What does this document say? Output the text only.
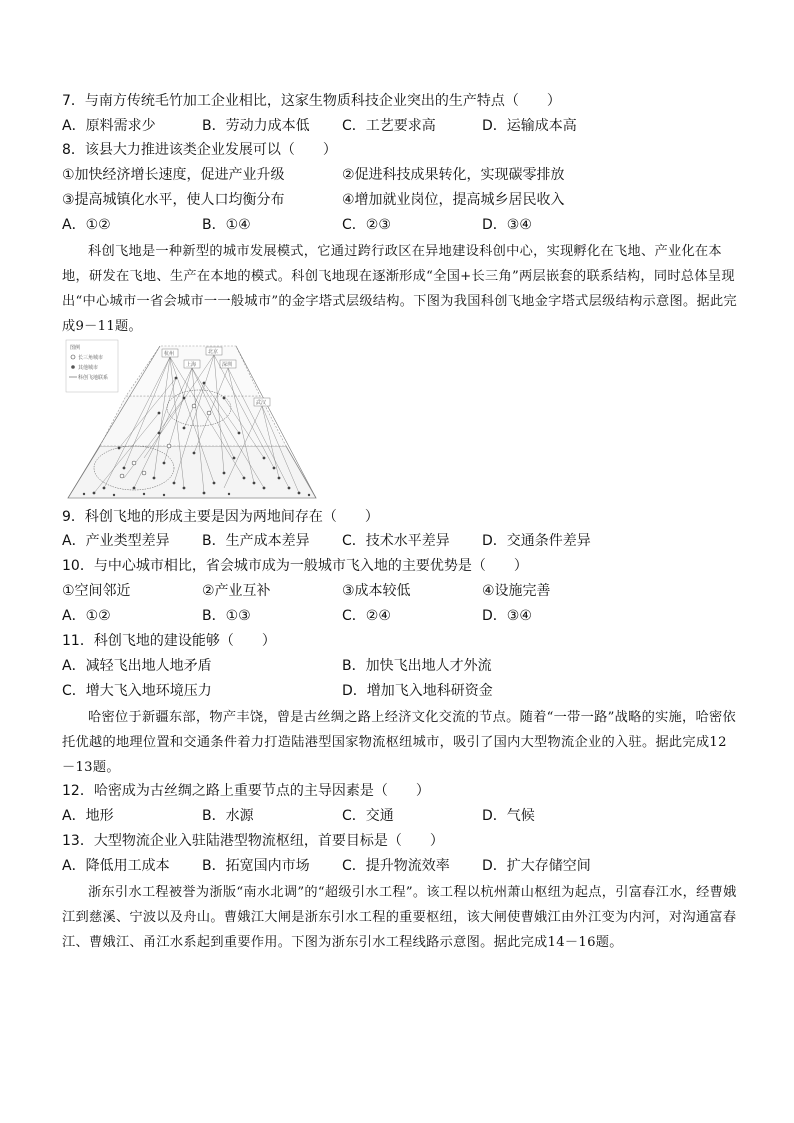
7．与南方传统毛竹加工企业相比，这家生物质科技企业突出的生产特点（　　）
A．原料需求少	B．劳动力成本低 C．工艺要求高	D．运输成本高
8．该县大力推进该类企业发展可以（　　）
①加快经济增长速度，促进产业升级	②促进科技成果转化，实现碳零排放
③提高城镇化水平，使人口均衡分布	④增加就业岗位，提高城乡居民收入
A．①②	B．①④	C．②③	D．③④
科创飞地是一种新型的城市发展模式，它通过跨行政区在异地建设科创中心，实现孵化在飞地、产业化在本地，研发在飞地、生产在本地的模式。科创飞地现在逐渐形成“全国+长三角”两层嵌套的联系结构，同时总体呈现出“中心城市一省会城市一一般城市”的金字塔式层级结构。下图为我国科创飞地金字塔式层级结构示意图。据此完成9－11题。
图例
长三角城市
其他城市
科创飞地联系
杭州	北京
上海	深圳
武汉
9．科创飞地的形成主要是因为两地间存在（　　）
A．产业类型差异 B．生产成本差异 C．技术水平差异 D．交通条件差异
10．与中心城市相比，省会城市成为一般城市飞入地的主要优势是（　　）
①空间邻近	②产业互补	③成本较低	④设施完善
A．①②	B．①③	C．②④	D．③④
11．科创飞地的建设能够（　　）
A．减轻飞出地人地矛盾	B．加快飞出地人才外流
C．增大飞入地环境压力	D．增加飞入地科研资金
哈密位于新疆东部，物产丰饶，曾是古丝绸之路上经济文化交流的节点。随着“一带一路”战略的实施，哈密依托优越的地理位置和交通条件着力打造陆港型国家物流枢纽城市，吸引了国内大型物流企业的入驻。据此完成12－13题。
12．哈密成为古丝绸之路上重要节点的主导因素是（　　）
A．地形	B．水源	C．交通	D．气候
13．大型物流企业入驻陆港型物流枢纽，首要目标是（　　）
A．降低用工成本 B．拓宽国内市场 C．提升物流效率 D．扩大存储空间
浙东引水工程被誉为浙版“南水北调”的“超级引水工程”。该工程以杭州萧山枢纽为起点，引富春江水，经曹娥江到慈溪、宁波以及舟山。曹娥江大闸是浙东引水工程的重要枢纽，该大闸使曹娥江由外江变为内河，对沟通富春江、曹娥江、甬江水系起到重要作用。下图为浙东引水工程线路示意图。据此完成14－16题。
